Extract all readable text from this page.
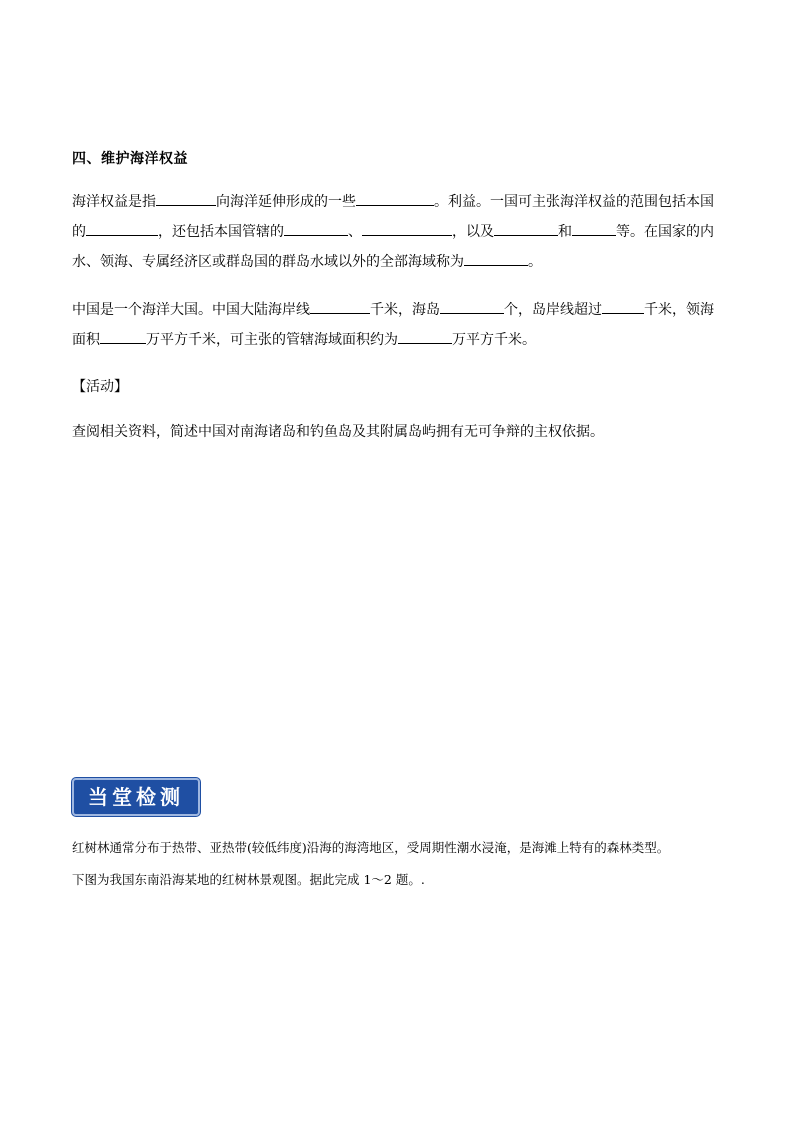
四、维护海洋权益
海洋权益是指	向海洋延伸形成的一些	。利益。一国可主张海洋权益的范围包括本国
的	，还包括本国管辖的	、	，以及	和	等。在国家的内
水、领海、专属经济区或群岛国的群岛水域以外的全部海域称为	。
中国是一个海洋大国。中国大陆海岸线	千米，海岛	个，岛岸线超过	千米，领海
面积	万平方千米，可主张的管辖海域面积约为	万平方千米。
【活动】
查阅相关资料，简述中国对南海诸岛和钓鱼岛及其附属岛屿拥有无可争辩的主权依据。
当堂检测
红树林通常分布于热带、亚热带(较低纬度)沿海的海湾地区，受周期性潮水浸淹，是海滩上特有的森林类型。
下图为我国东南沿海某地的红树林景观图。据此完成 1～2 题。.
